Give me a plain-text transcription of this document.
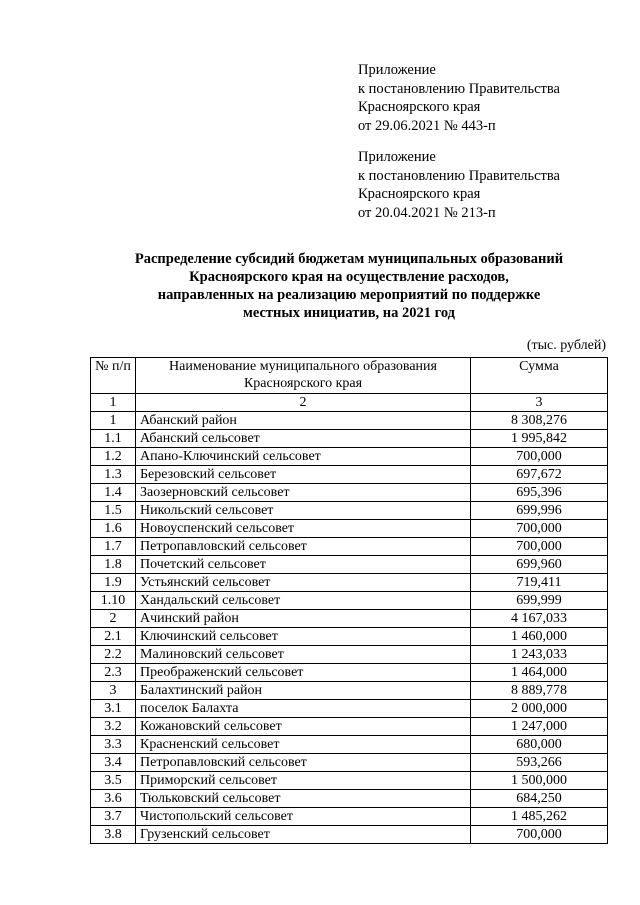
Приложение
к постановлению Правительства
Красноярского края
от 29.06.2021 № 443-п
Приложение
к постановлению Правительства
Красноярского края
от 20.04.2021 № 213-п
Распределение субсидий бюджетам муниципальных образований
Красноярского края на осуществление расходов,
направленных на реализацию мероприятий по поддержке
местных инициатив, на 2021 год
(тыс. рублей)
№ п/п	Наименование муниципального образования Красноярского края	Сумма
1	2	3
1	Абанский район	8 308,276
1.1	Абанский сельсовет	1 995,842
1.2	Апано-Ключинский сельсовет	700,000
1.3	Березовский сельсовет	697,672
1.4	Заозерновский сельсовет	695,396
1.5	Никольский сельсовет	699,996
1.6	Новоуспенский сельсовет	700,000
1.7	Петропавловский сельсовет	700,000
1.8	Почетский сельсовет	699,960
1.9	Устьянский сельсовет	719,411
1.10	Хандальский сельсовет	699,999
2	Ачинский район	4 167,033
2.1	Ключинский сельсовет	1 460,000
2.2	Малиновский сельсовет	1 243,033
2.3	Преображенский сельсовет	1 464,000
3	Балахтинский район	8 889,778
3.1	поселок Балахта	2 000,000
3.2	Кожановский сельсовет	1 247,000
3.3	Красненский сельсовет	680,000
3.4	Петропавловский сельсовет	593,266
3.5	Приморский сельсовет	1 500,000
3.6	Тюльковский сельсовет	684,250
3.7	Чистопольский сельсовет	1 485,262
3.8	Грузенский сельсовет	700,000
